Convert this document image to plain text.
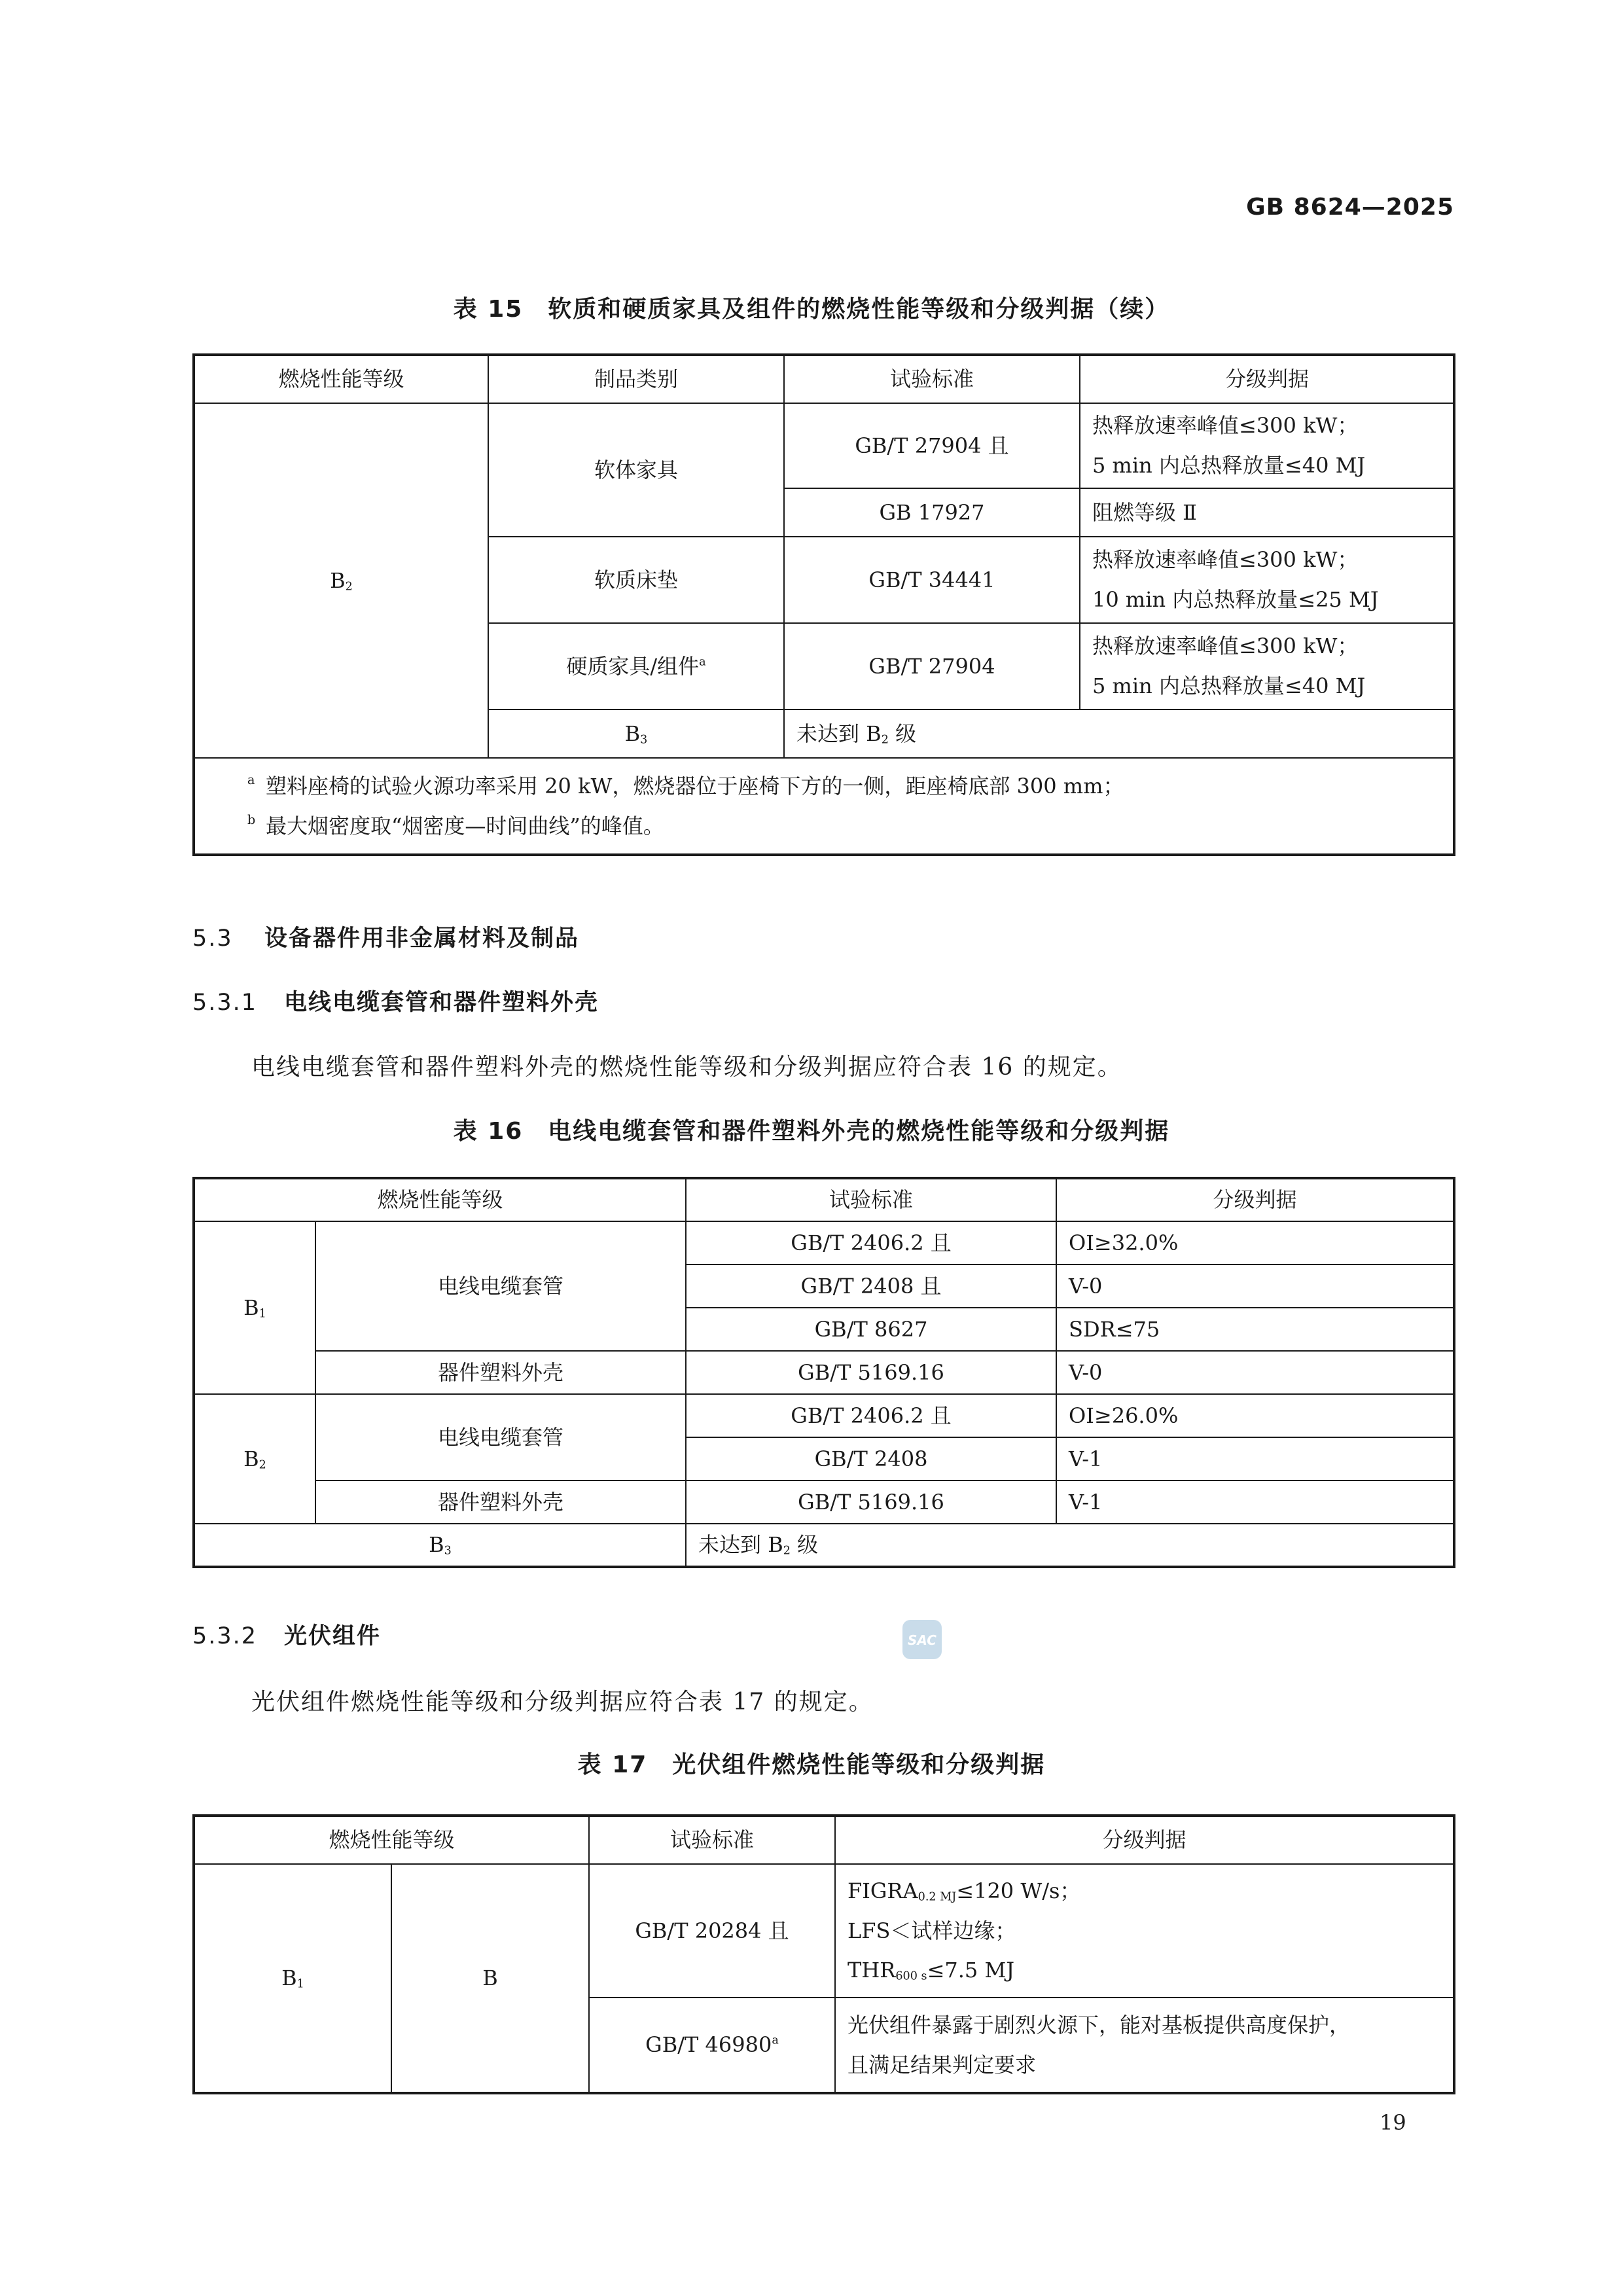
GB 8624—2025
表 15　软质和硬质家具及组件的燃烧性能等级和分级判据（续）
燃烧性能等级	制品类别	试验标准	分级判据
$B_2$	软体家具	GB/T 27904 且	热释放速率峰值≤300 kW；
5 min 内总热释放量≤40 MJ

		GB 17927	阻燃等级 Ⅱ
	软质床垫	GB/T 34441	热释放速率峰值≤300 kW；
10 min 内总热释放量≤25 MJ

	硬质家具/组件$^a$	GB/T 27904	热释放速率峰值≤300 kW；
5 min 内总热释放量≤40 MJ

	$B_3$	未达到 $B_2$ 级	

a 塑料座椅的试验火源功率采用 20 kW，燃烧器位于座椅下方的一侧，距座椅底部 300 mm；
b 最大烟密度取“烟密度—时间曲线”的峰值。			
5.3 设备器件用非金属材料及制品
5.3.1 电线电缆套管和器件塑料外壳
电线电缆套管和器件塑料外壳的燃烧性能等级和分级判据应符合表 16 的规定。
表 16　电线电缆套管和器件塑料外壳的燃烧性能等级和分级判据
燃烧性能等级		试验标准	分级判据
$B_1$	电线电缆套管	GB/T 2406.2 且	OI≥32.0%
		GB/T 2408 且	V-0
		GB/T 8627	SDR≤75
	器件塑料外壳	GB/T 5169.16	V-0
$B_2$	电线电缆套管	GB/T 2406.2 且	OI≥26.0%
		GB/T 2408	V-1
	器件塑料外壳	GB/T 5169.16	V-1
$B_3$		未达到 $B_2$ 级	
5.3.2 光伏组件	SAC
光伏组件燃烧性能等级和分级判据应符合表 17 的规定。
表 17　光伏组件燃烧性能等级和分级判据
燃烧性能等级		试验标准	分级判据
$B_1$	B	GB/T 20284 且	$FIGRA_{0.2 MJ}\le 120$ W/s；
LFS＜试样边缘；
$THR_{600 s}\le 7.5$ MJ

		GB/T 46980$^a$	光伏组件暴露于剧烈火源下，能对基板提供高度保护，
且满足结果判定要求
19
